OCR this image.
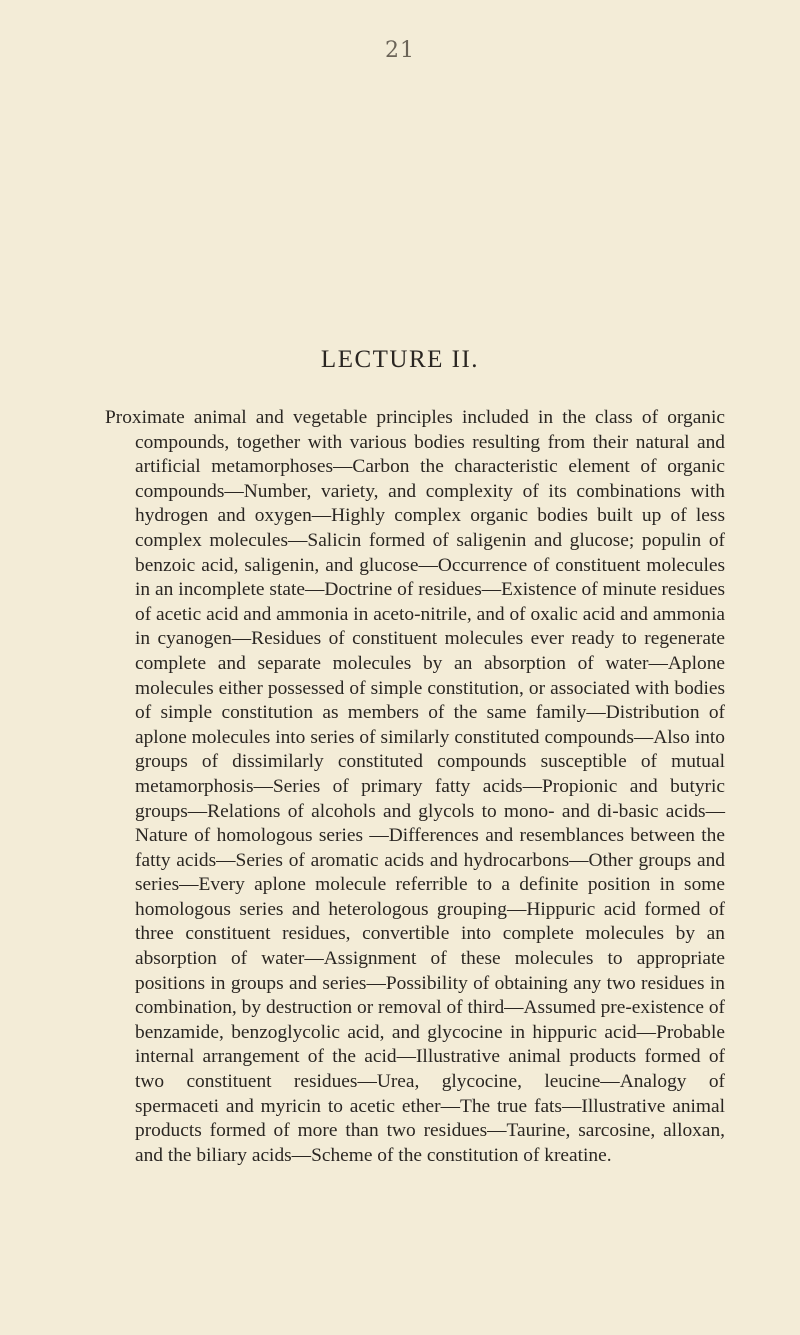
21
LECTURE II.

Proximate animal and vegetable principles included in the class of organic compounds, together with various bodies resulting from their natural and artificial metamorphoses—Carbon the characteristic element of organic compounds—Number, variety, and complexity of its combinations with hydrogen and oxygen—Highly complex organic bodies built up of less complex molecules—Salicin formed of saligenin and glucose; populin of benzoic acid, saligenin, and glucose—Occurrence of constituent molecules in an incomplete state—Doctrine of residues—Existence of minute residues of acetic acid and ammonia in aceto-nitrile, and of oxalic acid and ammonia in cyanogen—Residues of constituent molecules ever ready to regenerate complete and separate molecules by an absorption of water—Aplone molecules either possessed of simple constitution, or associated with bodies of simple constitution as members of the same family—Distribution of aplone molecules into series of similarly constituted compounds—Also into groups of dissimilarly constituted compounds susceptible of mutual metamorphosis—Series of primary fatty acids—Propionic and butyric groups—Relations of alcohols and glycols to mono- and di-basic acids—Nature of homologous series —Differences and resemblances between the fatty acids—Series of aromatic acids and hydrocarbons—Other groups and series—Every aplone molecule referrible to a definite position in some homologous series and heterologous grouping—Hippuric acid formed of three constituent residues, convertible into complete molecules by an absorption of water—Assignment of these molecules to appropriate positions in groups and series—Possibility of obtaining any two residues in combination, by destruction or removal of third—Assumed pre-existence of benzamide, benzoglycolic acid, and glycocine in hippuric acid—Probable internal arrangement of the acid—Illustrative animal products formed of two constituent residues—Urea, glycocine, leucine—Analogy of spermaceti and myricin to acetic ether—The true fats—Illustrative animal products formed of more than two residues—Taurine, sarcosine, alloxan, and the biliary acids—Scheme of the constitution of kreatine.
